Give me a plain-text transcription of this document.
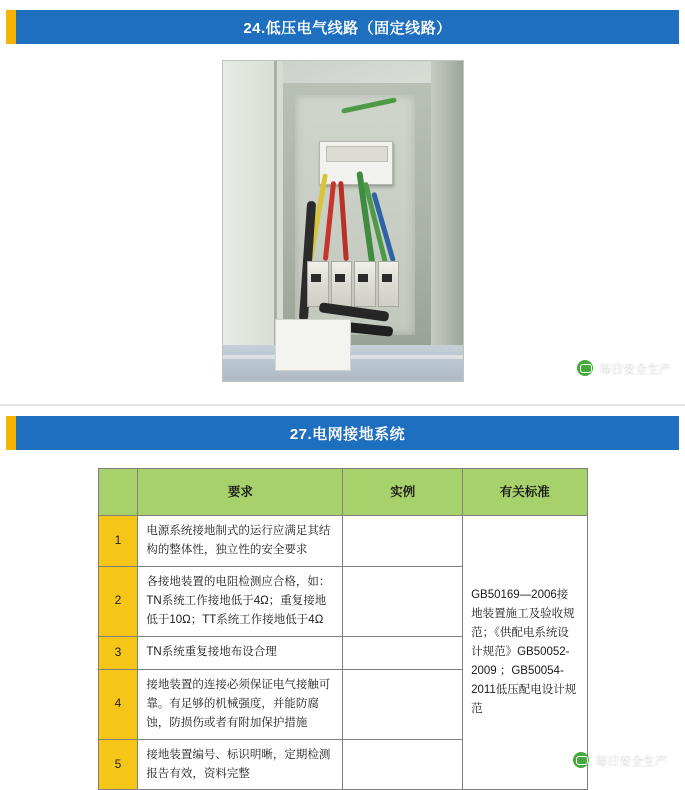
24.低压电气线路（固定线路）
每日安全生产
27.电网接地系统
	要求	实例	有关标准
1	电源系统接地制式的运行应满足其结构的整体性，独立性的安全要求		GB50169—2006接地装置施工及验收规范；《供配电系统设计规范》GB50052-2009 ；GB50054-2011低压配电设计规范
2	各接地装置的电阻检测应合格，如：TN系统工作接地低于4Ω；重复接地低于10Ω；TT系统工作接地低于4Ω		
3	TN系统重复接地布设合理		
4	接地装置的连接必须保证电气接触可靠。有足够的机械强度，并能防腐蚀，防损伤或者有附加保护措施		
5	接地装置编号、标识明晰，定期检测报告有效，资料完整		
每日安全生产
